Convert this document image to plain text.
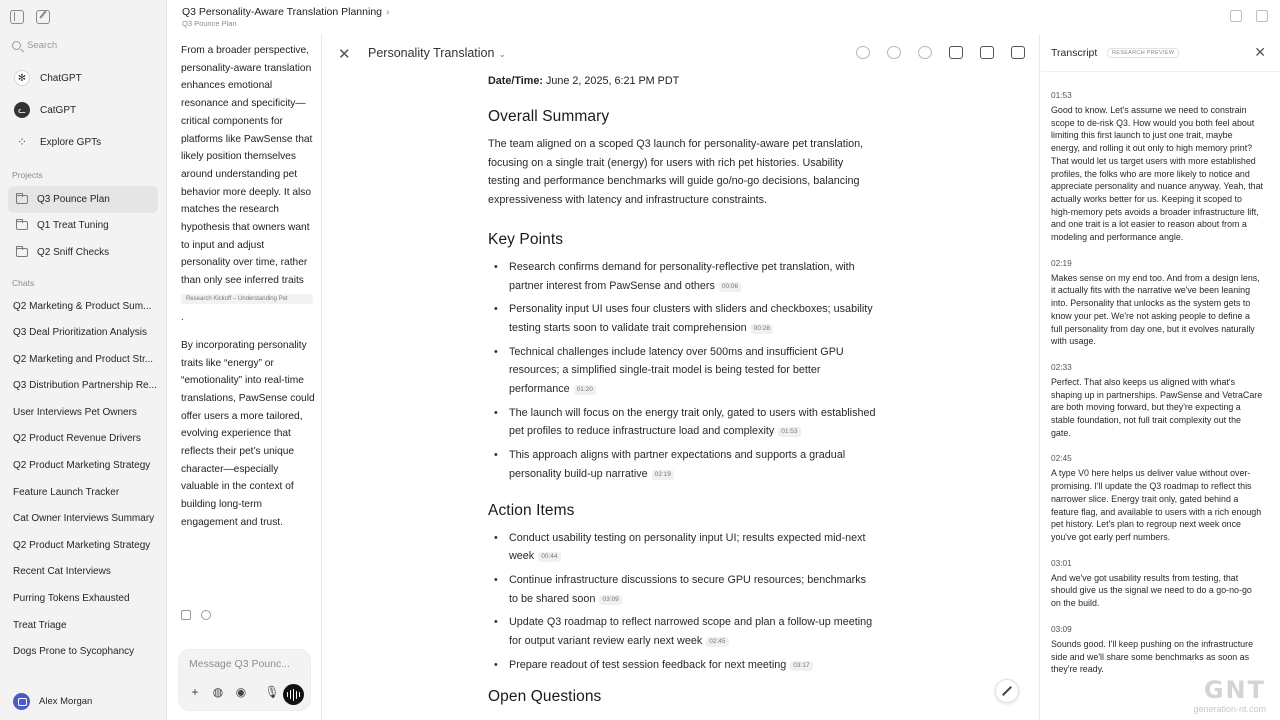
Search
✻	ChatGPT
ᓚ	CatGPT
⁘ Explore GPTs
Projects
Q3 Pounce Plan
Q1 Treat Tuning
Q2 Sniff Checks
Chats
Q2 Marketing & Product Sum...
Q3 Deal Prioritization Analysis
Q2 Marketing and Product Str...
Q3 Distribution Partnership Re...
User Interviews Pet Owners
Q2 Product Revenue Drivers
Q2 Product Marketing Strategy
Feature Launch Tracker
Cat Owner Interviews Summary
Q2 Product Marketing Strategy
Recent Cat Interviews
Purring Tokens Exhausted
Treat Triage
Dogs Prone to Sycophancy
Alex Morgan
Q3 Personality-Aware Translation Planning ›
Q3 Pounce Plan
From a broader perspective, personality-aware translation enhances emotional resonance and specificity—critical components for platforms like PawSense that likely position themselves around understanding pet behavior more deeply. It also matches the research hypothesis that owners want to input and adjust personality over time, rather than only see inferred traits
Research Kickoff – Understanding Pet
.
By incorporating personality traits like “energy” or “emotionality” into real-time translations, PawSense could offer users a more tailored, evolving experience that reflects their pet’s unique character—especially valuable in the context of building long-term engagement and trust.
Message Q3 Pounc...
+ ◍ ◉ 🎙︎
✕ Personality Translation ⌄
Date/Time: June 2, 2025, 6:21 PM PDT
Overall Summary

The team aligned on a scoped Q3 launch for personality-aware pet translation, focusing on a single trait (energy) for users with rich pet histories. Usability testing and performance benchmarks will guide go/no-go decisions, balancing expressiveness with latency and infrastructure constraints.

Key Points
• Research confirms demand for personality-reflective pet translation, with partner interest from PawSense and others 00:06
• Personality input UI uses four clusters with sliders and checkboxes; usability testing starts soon to validate trait comprehension 00:28
• Technical challenges include latency over 500ms and insufficient GPU resources; a simplified single-trait model is being tested for better performance 01:20
• The launch will focus on the energy trait only, gated to users with established pet profiles to reduce infrastructure load and complexity 01:53
• This approach aligns with partner expectations and supports a gradual personality build-up narrative 02:19
Action Items
• Conduct usability testing on personality input UI; results expected mid-next week 00:44
• Continue infrastructure discussions to secure GPU resources; benchmarks to be shared soon 03:09
• Update Q3 roadmap to reflect narrowed scope and plan a follow-up meeting for output variant review early next week 02:45
• Prepare readout of test session feedback for next meeting 03:17
Open Questions
Transcript	RESEARCH PREVIEW	✕
01:53
Good to know. Let's assume we need to constrain scope to de-risk Q3. How would you both feel about limiting this first launch to just one trait, maybe energy, and rolling it out only to high memory print? That would let us target users with more established profiles, the folks who are more likely to notice and appreciate personality and nuance anyway. Yeah, that actually works better for us. Keeping it scoped to high-memory pets avoids a broader infrastructure lift, and one trait is a lot easier to reason about from a modeling and performance angle.
02:19
Makes sense on my end too. And from a design lens, it actually fits with the narrative we've been leaning into. Personality that unlocks as the system gets to know your pet. We're not asking people to define a full personality from day one, but it evolves naturally with usage.
02:33
Perfect. That also keeps us aligned with what's shaping up in partnerships. PawSense and VetraCare are both moving forward, but they're expecting a stable foundation, not full trait complexity out the gate.
02:45
A type V0 here helps us deliver value without over-promising. I'll update the Q3 roadmap to reflect this narrower slice. Energy trait only, gated behind a feature flag, and available to users with a rich enough pet history. Let's plan to regroup next week once you've got early perf numbers.
03:01
And we've got usability results from testing, that should give us the signal we need to do a go-no-go on the build.
03:09
Sounds good. I'll keep pushing on the infrastructure side and we'll share some benchmarks as soon as they're ready.
GNT
generation-nt.com
